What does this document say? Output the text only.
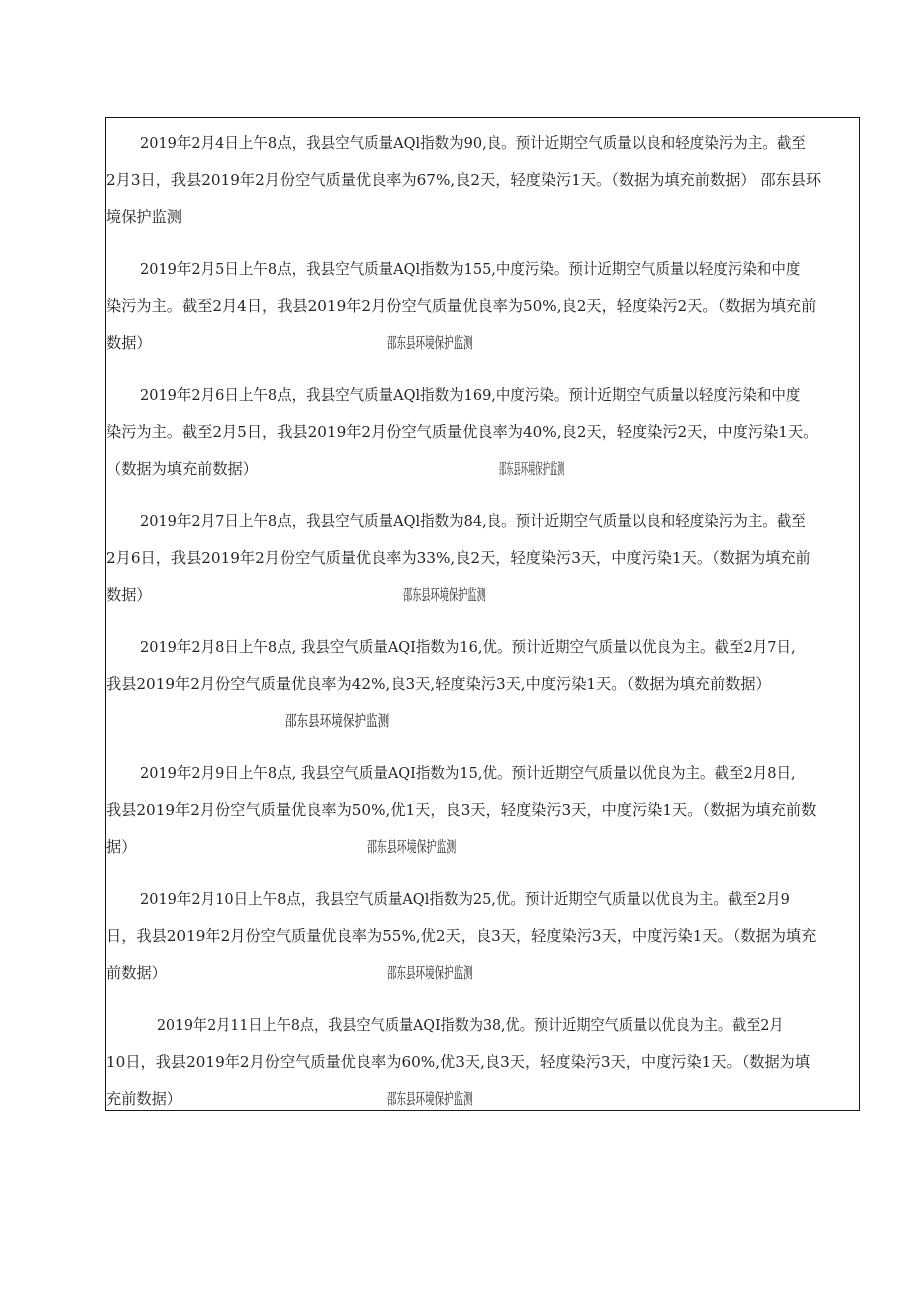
2019年2月4日上午8点，我县空气质量AQl指数为90,良。预计近期空气质量以良和轻度染污为主。截至
2月3日，我县2019年2月份空气质量优良率为67%,良2天，轻度染污1天。（数据为填充前数据） 邵东县环
境保护监测
2019年2月5日上午8点，我县空气质量AQl指数为155,中度污染。预计近期空气质量以轻度污染和中度
染污为主。截至2月4日，我县2019年2月份空气质量优良率为50%,良2天，轻度染污2天。（数据为填充前
数据）	邵东县环境保护监测
2019年2月6日上午8点，我县空气质量AQl指数为169,中度污染。预计近期空气质量以轻度污染和中度
染污为主。截至2月5日，我县2019年2月份空气质量优良率为40%,良2天，轻度染污2天，中度污染1天。
（数据为填充前数据）	邵东县环境保护监测
2019年2月7日上午8点，我县空气质量AQl指数为84,良。预计近期空气质量以良和轻度染污为主。截至
2月6日，我县2019年2月份空气质量优良率为33%,良2天，轻度染污3天，中度污染1天。（数据为填充前
数据）	邵东县环境保护监测
2019年2月8日上午8点, 我县空气质量AQI指数为16,优。预计近期空气质量以优良为主。截至2月7日,
我县2019年2月份空气质量优良率为42%,良3天,轻度染污3天,中度污染1天。（数据为填充前数据）
邵东县环境保护监测
2019年2月9日上午8点, 我县空气质量AQI指数为15,优。预计近期空气质量以优良为主。截至2月8日,
我县2019年2月份空气质量优良率为50%,优1天，良3天，轻度染污3天，中度污染1天。（数据为填充前数
据）	邵东县环境保护监测
2019年2月10日上午8点，我县空气质量AQl指数为25,优。预计近期空气质量以优良为主。截至2月9
日，我县2019年2月份空气质量优良率为55%,优2天，良3天，轻度染污3天，中度污染1天。（数据为填充
前数据）	邵东县环境保护监测
2019年2月11日上午8点，我县空气质量AQI指数为38,优。预计近期空气质量以优良为主。截至2月
10日，我县2019年2月份空气质量优良率为60%,优3天,良3天，轻度染污3天，中度污染1天。（数据为填
充前数据）	邵东县环境保护监测
